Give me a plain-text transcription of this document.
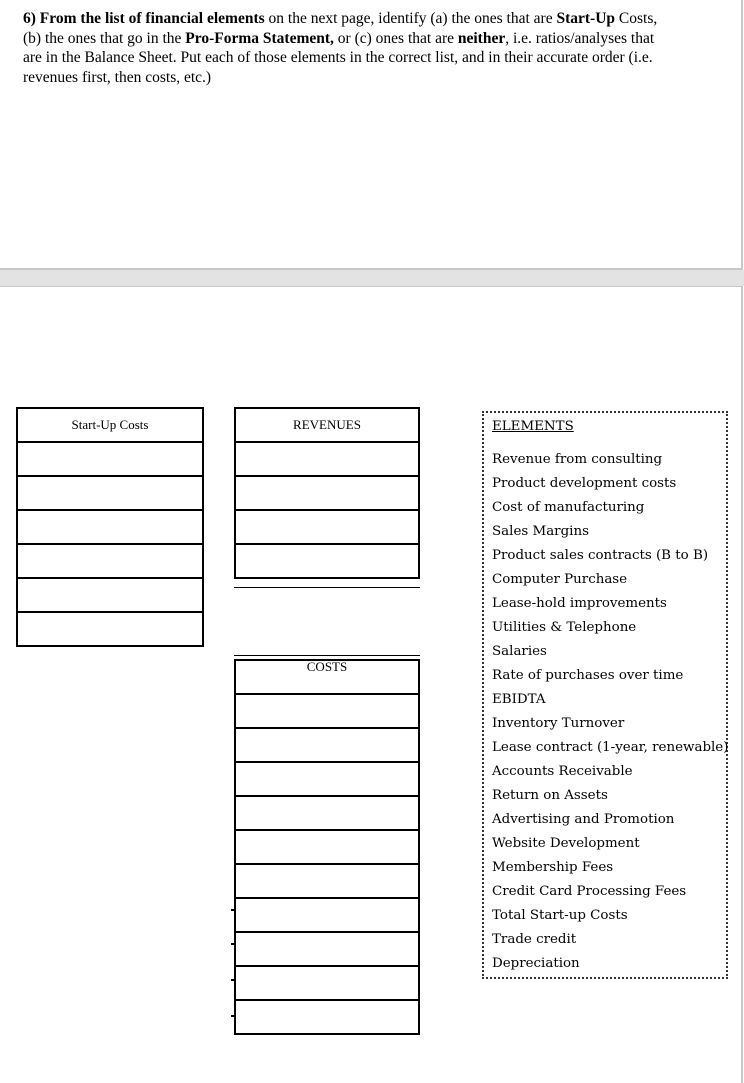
6) From the list of financial elements on the next page, identify (a) the ones that are Start-Up Costs, (b) the ones that go in the Pro-Forma Statement, or (c) ones that are neither, i.e. ratios/analyses that are in the Balance Sheet. Put each of those elements in the correct list, and in their accurate order (i.e. revenues first, then costs, etc.)
Start-Up Costs	REVENUES

COSTS

ELEMENTS
Revenue from consulting
Product development costs
Cost of manufacturing
Sales Margins
Product sales contracts (B to B)
Computer Purchase
Lease-hold improvements
Utilities & Telephone
Salaries
Rate of purchases over time
EBIDTA
Inventory Turnover
Lease contract (1-year, renewable)
Accounts Receivable
Return on Assets
Advertising and Promotion
Website Development
Membership Fees
Credit Card Processing Fees
Total Start-up Costs
Trade credit
Depreciation
